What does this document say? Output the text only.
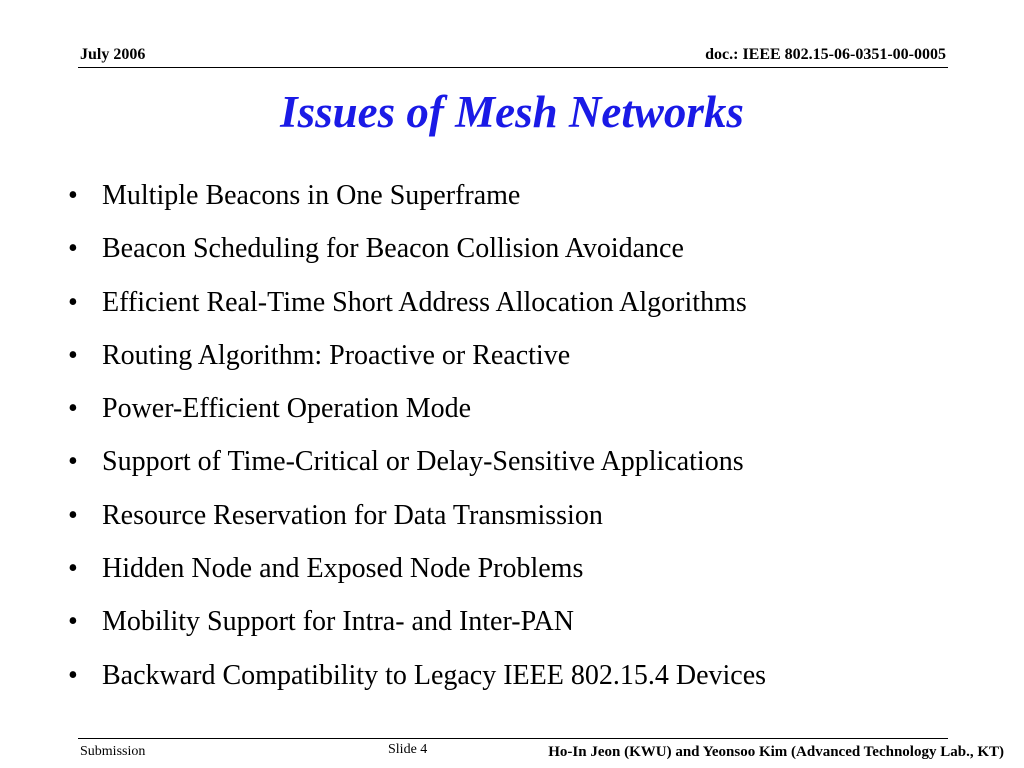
July 2006	doc.: IEEE 802.15-06-0351-00-0005
Issues of Mesh Networks
• Multiple Beacons in One Superframe
• Beacon Scheduling for Beacon Collision Avoidance
• Efficient Real-Time Short Address Allocation Algorithms
• Routing Algorithm: Proactive or Reactive
• Power-Efficient Operation Mode
• Support of Time-Critical or Delay-Sensitive Applications
• Resource Reservation for Data Transmission
• Hidden Node and Exposed Node Problems
• Mobility Support for Intra- and Inter-PAN
• Backward Compatibility to Legacy IEEE 802.15.4 Devices
Submission	Slide 4	Ho-In Jeon (KWU) and Yeonsoo Kim (Advanced Technology Lab., KT)
